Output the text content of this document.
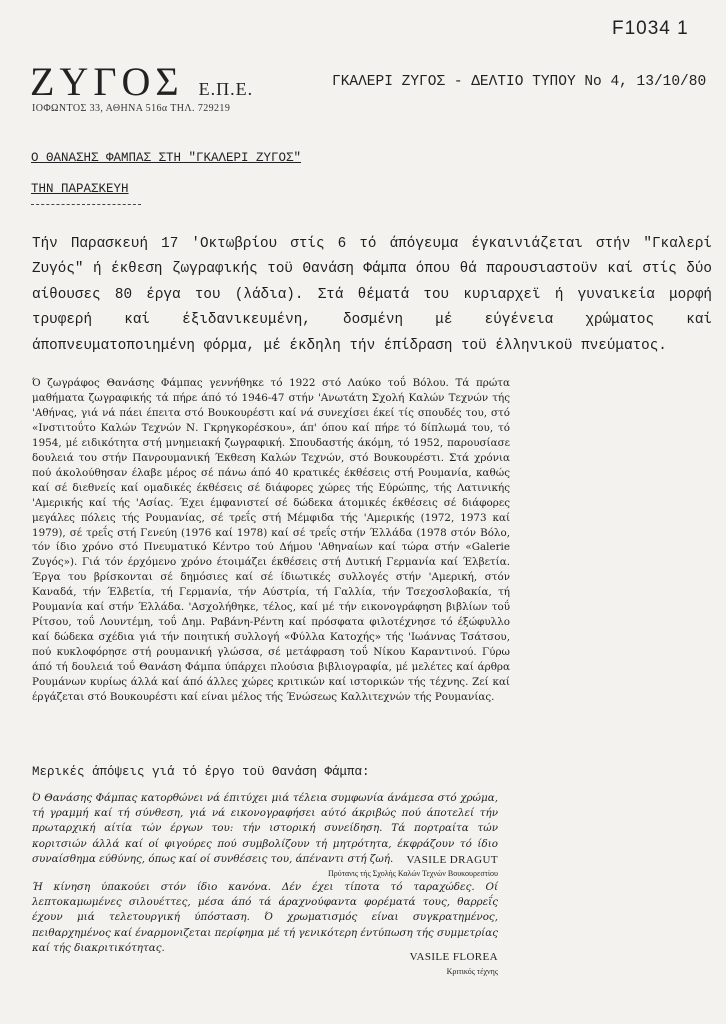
F1034 1
ΖΥΓΟΣ Ε.Π.Ε.
ΙΟΦΩΝΤΟΣ 33, ΑΘΗΝΑ 516α ΤΗΛ. 729219
ΓΚΑΛΕΡΙ ΖΥΓΟΣ - ΔΕΛΤΙΟ ΤΥΠΟΥ Νο 4, 13/10/80
Ο ΘΑΝΑΣΗΣ ΦΑΜΠΑΣ ΣΤΗ "ΓΚΑΛΕΡΙ ΖΥΓΟΣ"
ΤΗΝ ΠΑΡΑΣΚΕΥΗ

Τήν Παρασκευή 17 'Οκτωβρίου στίς 6 τό άπόγευμα έγκαινιάζεται στήν "Γκαλερί Ζυγός" ή έκθεση ζωγραφικής τοϋ Θανάση Φάμπα όπου θά παρουσιαστοϋν καί στίς δύο αίθουσες 80 έργα του (λάδια). Στά θέματά του κυριαρχεϊ ή γυναικεία μορφή τρυφερή καί έξιδανικευμένη, δοσμένη μέ εύγένεια χρώματος καί άποπνευματοποιημένη φόρμα, μέ έκδηλη τήν έπίδραση τοϋ έλληνικοϋ πνεύματος.

Ό ζωγράφος Θανάσης Φάμπας γεννήθηκε τό 1922 στό Λαύκο τοΰ Βόλου. Τά πρώτα μαθήματα ζωγραφικής τά πήρε άπό τό 1946-47 στήν 'Ανωτάτη Σχολή Καλών Τεχνών τής 'Αθήνας, γιά νά πάει έπειτα στό Βουκουρέστι καί νά συνεχίσει έκεί τίς σπουδές του, στό «Ινστιτοΰτο Καλών Τεχνών Ν. Γκρηγκορέσκου», άπ' όπου καί πήρε τό δίπλωμά του, τό 1954, μέ ειδικότητα στή μνημειακή ζωγραφική. Σπουδαστής άκόμη, τό 1952, παρουσίασε δουλειά του στήν Πανρουμανική Έκθεση Καλών Τεχνών, στό Βουκουρέστι. Στά χρόνια πού άκολούθησαν έλαβε μέρος σέ πάνω άπό 40 κρατικές έκθέσεις στή Ρουμανία, καθώς καί σέ διεθνείς καί ομαδικές έκθέσεις σέ διάφορες χώρες τής Εύρώπης, τής Λατινικής 'Αμερικής καί τής 'Ασίας. Έχει έμφανιστεί σέ δώδεκα άτομικές έκθέσεις σέ διάφορες μεγάλες πόλεις τής Ρουμανίας, σέ τρεΐς στή Μέμφιδα τής 'Αμερικής (1972, 1973 καί 1979), σέ τρεΐς στή Γενεύη (1976 καί 1978) καί σέ τρεΐς στήν Έλλάδα (1978 στόν Βόλο, τόν ίδιο χρόνο στό Πνευματικό Κέντρο τού Δήμου 'Αθηναίων καί τώρα στήν «Galerie Ζυγός»). Γιά τόν έρχόμενο χρόνο έτοιμάζει έκθέσεις στή Δυτική Γερμανία καί Έλβετία. Έργα του βρίσκονται σέ δημόσιες καί σέ ίδιωτικές συλλογές στήν 'Αμερική, στόν Καναδά, τήν Έλβετία, τή Γερμανία, τήν Αύστρία, τή Γαλλία, τήν Τσεχοσλοβακία, τή Ρουμανία καί στήν Έλλάδα. 'Ασχολήθηκε, τέλος, καί μέ τήν εικονογράφηση βιβλίων τοΰ Ρίτσου, τοΰ Λουντέμη, τοΰ Δημ. Ραβάνη-Ρέντη καί πρόσφατα φιλοτέχνησε τό έξώφυλλο καί δώδεκα σχέδια γιά τήν ποιητική συλλογή «Φύλλα Κατοχής» τής 'Ιωάννας Τσάτσου, πού κυκλοφόρησε στή ρουμανική γλώσσα, σέ μετάφραση τοΰ Νίκου Καραντινού. Γύρω άπό τή δουλειά τοΰ Θανάση Φάμπα ύπάρχει πλούσια βιβλιογραφία, μέ μελέτες καί άρθρα Ρουμάνων κυρίως άλλά καί άπό άλλες χώρες κριτικών καί ιστορικών τής τέχνης. Ζεί καί έργάζεται στό Βουκουρέστι καί είναι μέλος τής Ένώσεως Καλλιτεχνών τής Ρουμανίας.

Μερικές άπόψεις γιά τό έργο τοϋ Θανάση Φάμπα:

Ό Θανάσης Φάμπας κατορθώνει νά έπιτύχει μιά τέλεια συμφωνία άνάμεσα στό χρώμα, τή γραμμή καί τή σύνθεση, γιά νά εικονογραφήσει αύτό άκριβώς πού άποτελεί τήν πρωταρχική αίτία τών έργων του: τήν ιστορική συνείδηση. Τά πορτραίτα τών κοριτσιών άλλά καί οί φιγούρες πού συμβολίζουν τή μητρότητα, έκφράζουν τό ίδιο συναίσθημα εύθύνης, όπως καί οί συνθέσεις του, άπέναντι στή ζωή.	VASILE DRAGUT
Πρύτανις τής Σχολής Καλών Τεχνών Βουκουρεστίου

Ή κίνηση ύπακούει στόν ίδιο κανόνα. Δέν έχει τίποτα τό ταραχώδες. Οί λεπτοκαμωμένες σιλουέττες, μέσα άπό τά άραχνούφαντα φορέματά τους, θαρρεΐς έχουν μιά τελετουργική ύπόσταση. Ό χρωματισμός είναι συγκρατημένος, πειθαρχημένος καί έναρμονιζεται περίφημα μέ τή γενικότερη έντύπωση τής συμμετρίας καί τής διακριτικότητας.

VASILE FLOREA
Κριτικός τέχνης
